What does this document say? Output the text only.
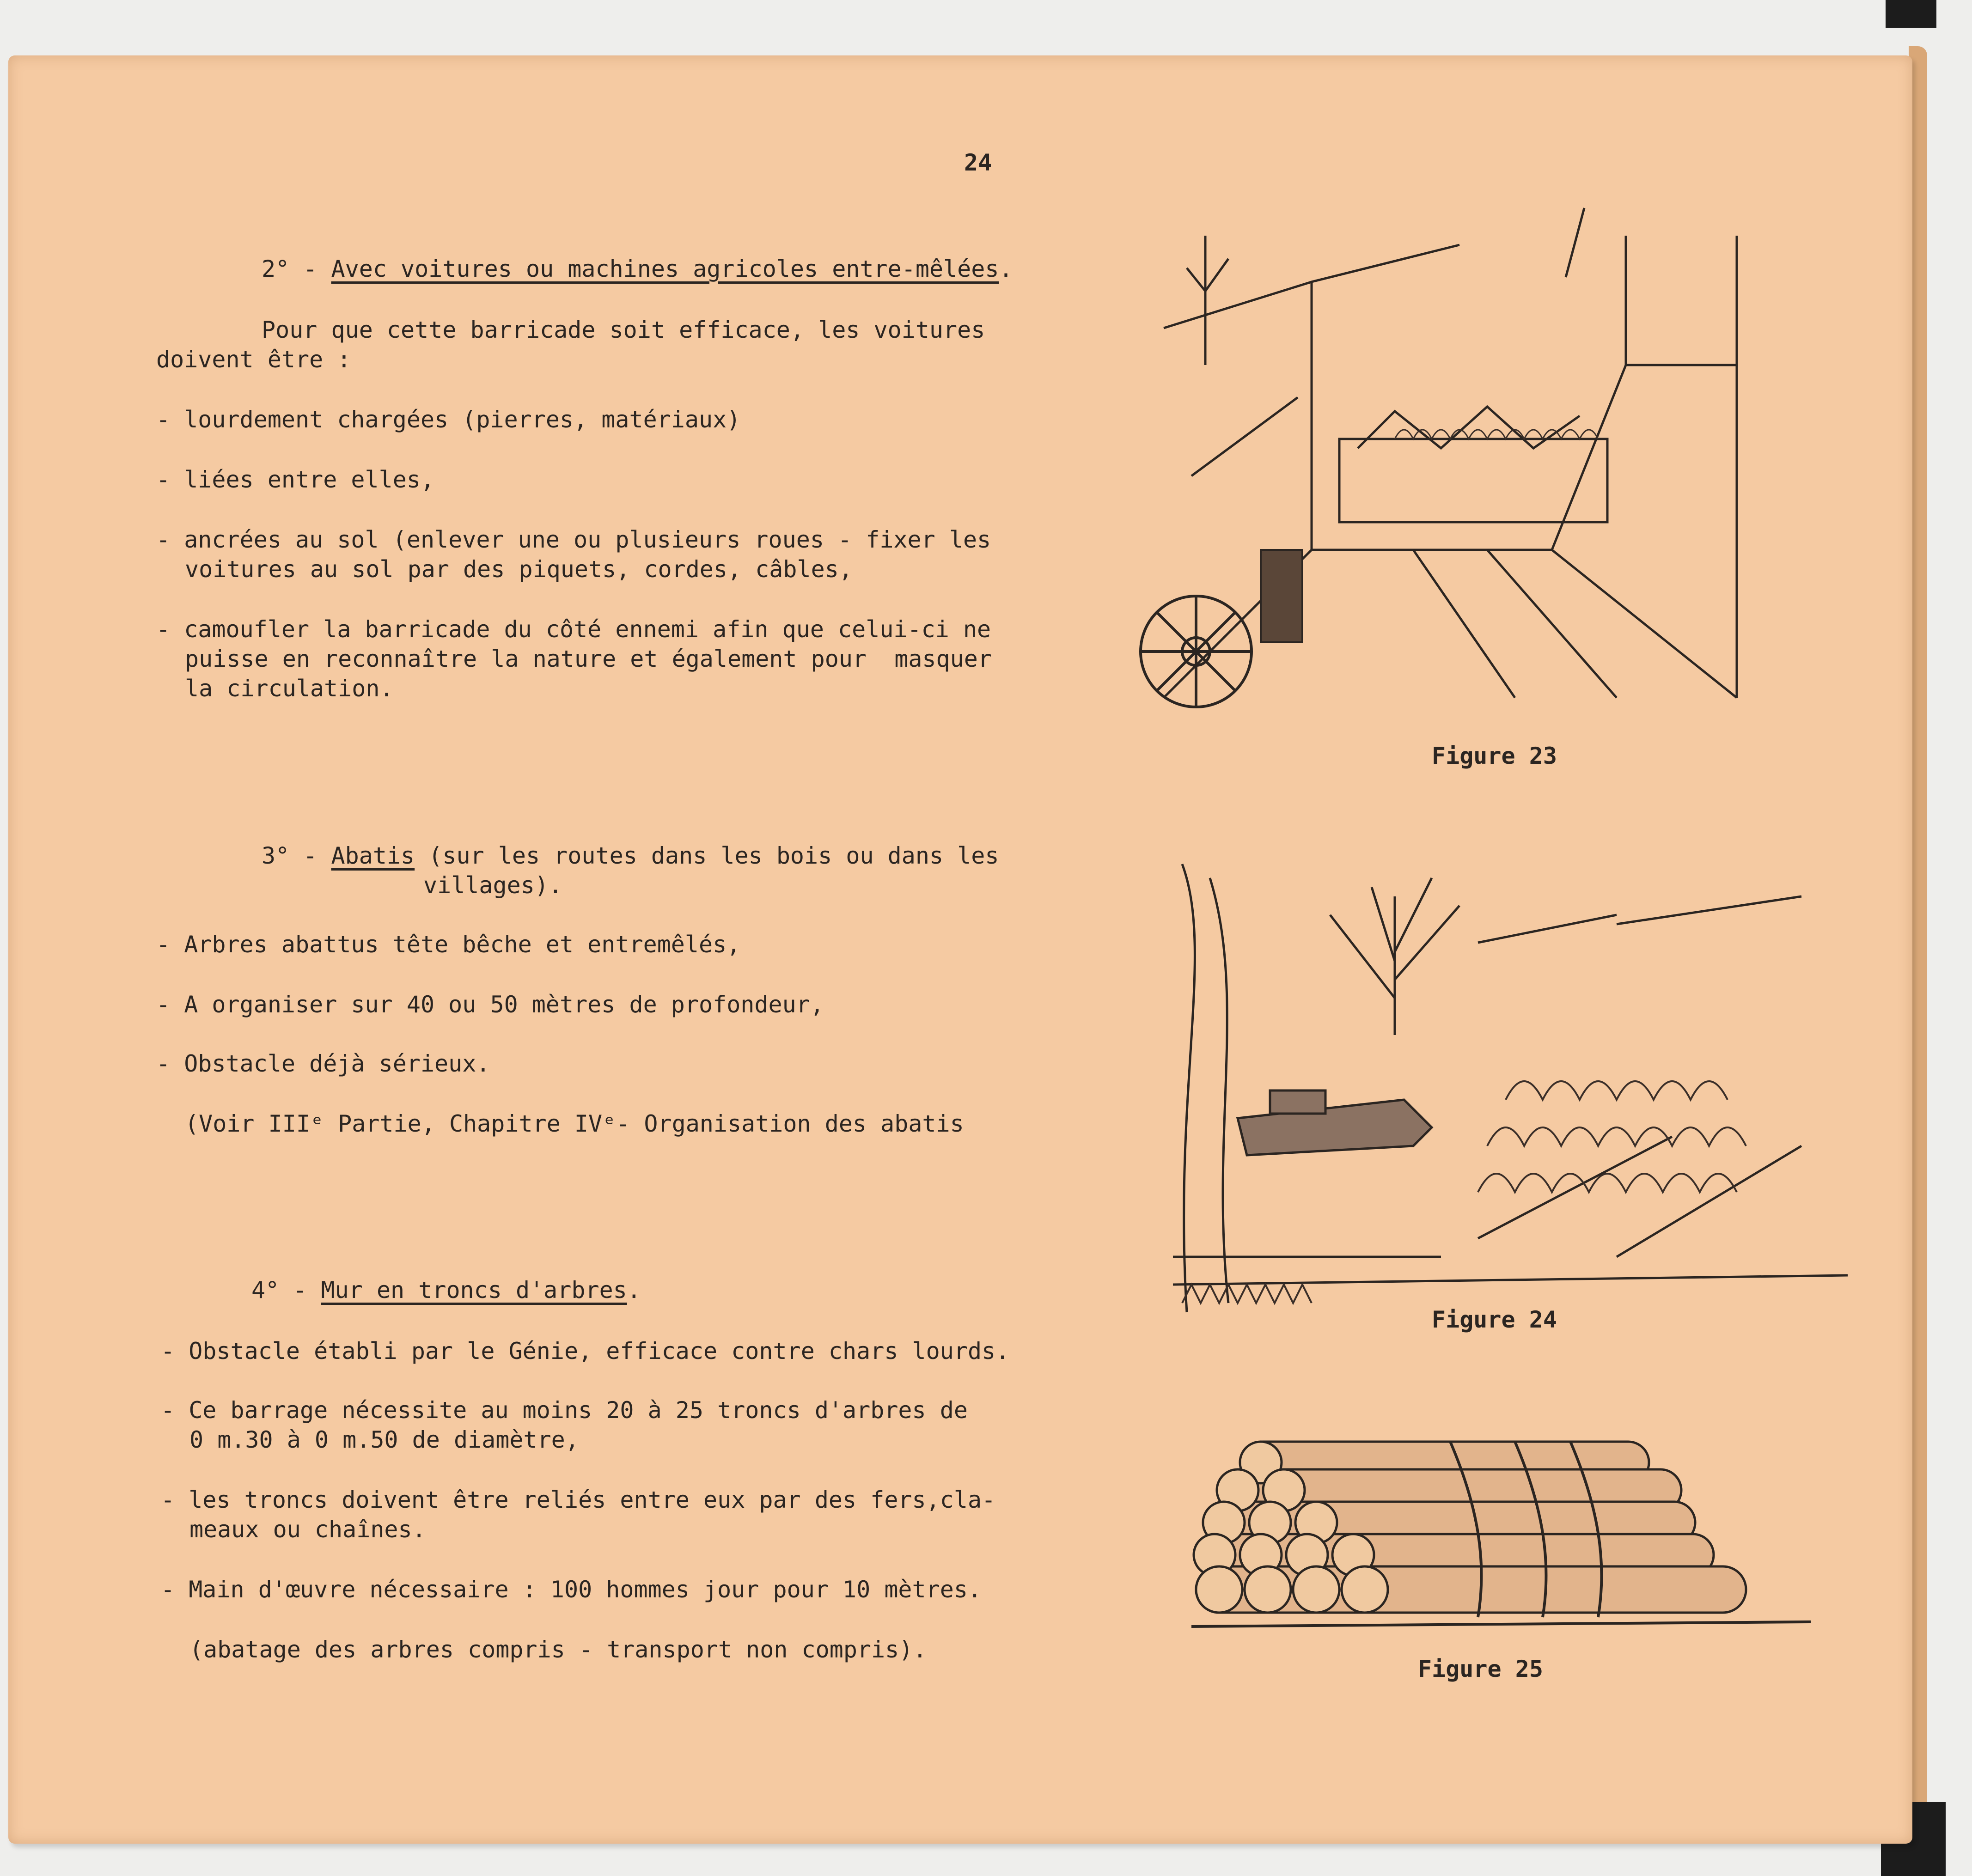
24
2° - Avec voitures ou machines agricoles entre-mêlées.
Pour que cette barricade soit efficace, les voitures
doivent être :
- lourdement chargées (pierres, matériaux)
- liées entre elles,
- ancrées au sol (enlever une ou plusieurs roues - fixer les
voitures au sol par des piquets, cordes, câbles,
- camoufler la barricade du côté ennemi afin que celui-ci ne
puisse en reconnaître la nature et également pour  masquer
la circulation.
3° - Abatis (sur les routes dans les bois ou dans les
villages).
- Arbres abattus tête bêche et entremêlés,
- A organiser sur 40 ou 50 mètres de profondeur,
- Obstacle déjà sérieux.
(Voir IIIᵉ Partie, Chapitre IVᵉ- Organisation des abatis
4° - Mur en troncs d'arbres.
- Obstacle établi par le Génie, efficace contre chars lourds.
- Ce barrage nécessite au moins 20 à 25 troncs d'arbres de
0 m.30 à 0 m.50 de diamètre,
- les troncs doivent être reliés entre eux par des fers,cla-
meaux ou chaînes.
- Main d'œuvre nécessaire : 100 hommes jour pour 10 mètres.
(abatage des arbres compris - transport non compris).
Figure 23
Figure 24
Figure 25
